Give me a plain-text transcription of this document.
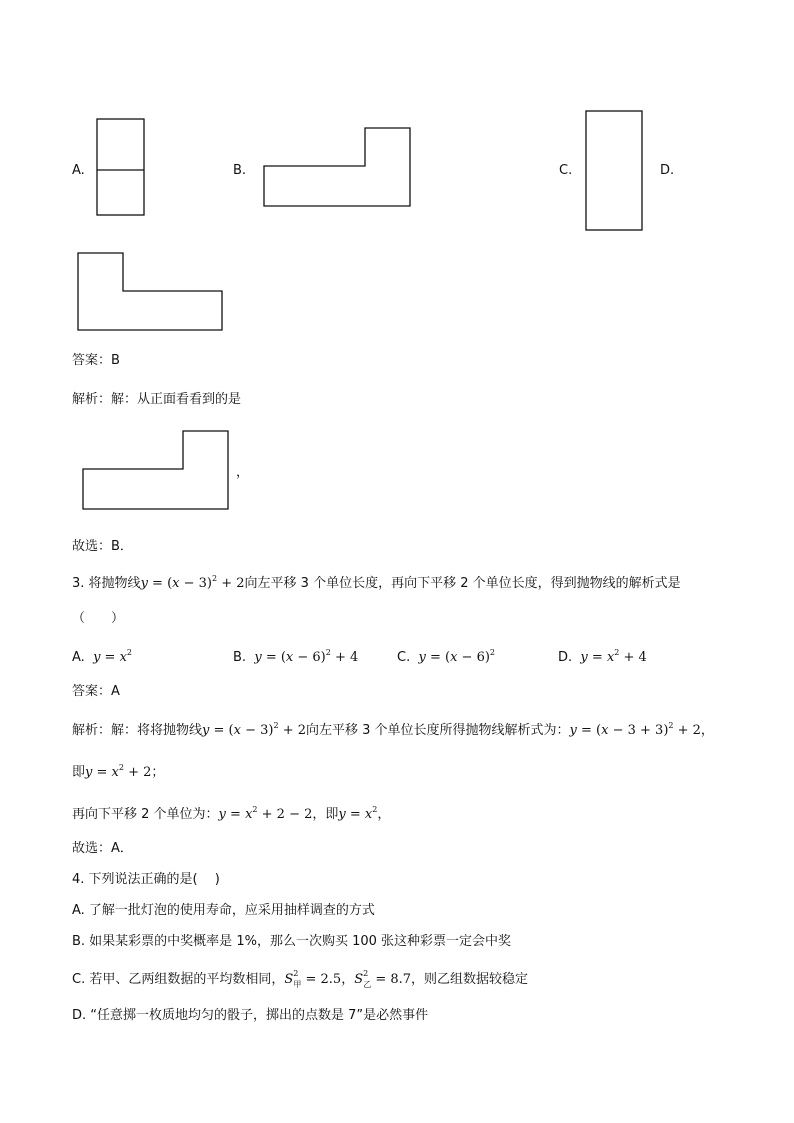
A.	B.	C.	D.
答案：B
解析：解：从正面看看到的是
，
故选：B．
3. 将抛物线$y = (x - 3)^2 + 2$向左平移 3 个单位长度，再向下平移 2 个单位长度，得到抛物线的解析式是
（　　）
A. $y = x^2$	B. $y = (x - 6)^2 + 4$	C. $y = (x - 6)^2$	D. $y = x^2 + 4$
答案：A
解析：解：将将抛物线$y = (x - 3)^2 + 2$向左平移 3 个单位长度所得抛物线解析式为：$y = (x - 3 + 3)^2 + 2$，
即$y = x^2 + 2$；
再向下平移 2 个单位为：$y = x^2 + 2 - 2$，即$y = x^2$，
故选：A．
4. 下列说法正确的是(　 )
A. 了解一批灯泡的使用寿命，应采用抽样调查的方式
B. 如果某彩票的中奖概率是 1%，那么一次购买 100 张这种彩票一定会中奖
C. 若甲、乙两组数据的平均数相同，$S^2_甲 = 2.5$，$S^2_乙 = 8.7$，则乙组数据较稳定
D. “任意掷一枚质地均匀的骰子，掷出的点数是 7”是必然事件
